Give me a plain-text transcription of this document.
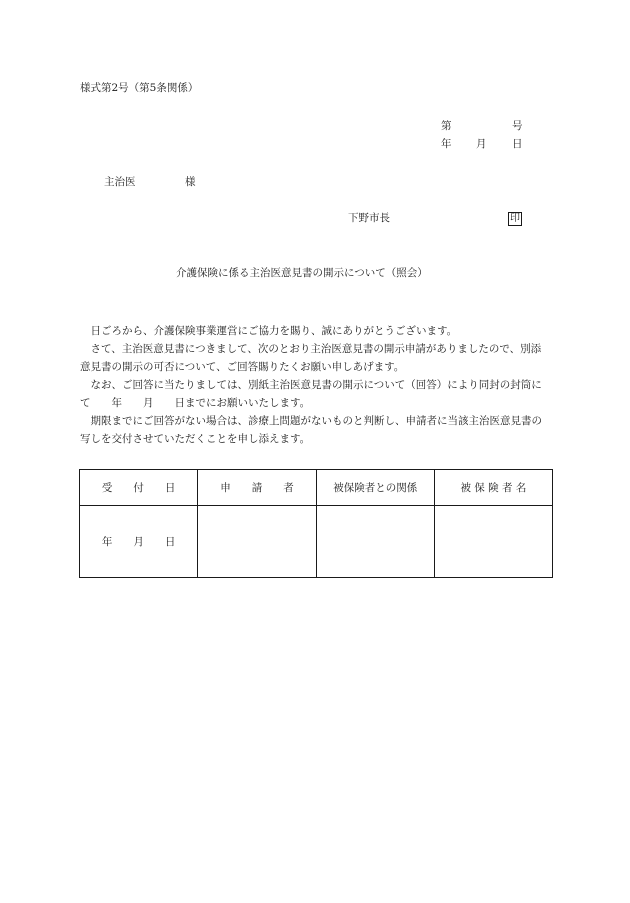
様式第2号（第5条関係）
第	号
年 月 日
主治医	様
下野市長	印
介護保険に係る主治医意見書の開示について（照会）

　日ごろから、介護保険事業運営にご協力を賜り、誠にありがとうございます。

　さて、主治医意見書につきまして、次のとおり主治医意見書の開示申請がありましたので、別添意見書の開示の可否について、ご回答賜りたくお願い申しあげます。

　なお、ご回答に当たりましては、別紙主治医意見書の開示について（回答）により同封の封筒にて　　年　　月　　日までにお願いいたします。

　期限までにご回答がない場合は、診療上問題がないものと判断し、申請者に当該主治医意見書の写しを交付させていただくことを申し添えます。

受　　付　　日	申　　請　　者	被保険者との関係	被 保 険 者 名
年　　月　　日			
